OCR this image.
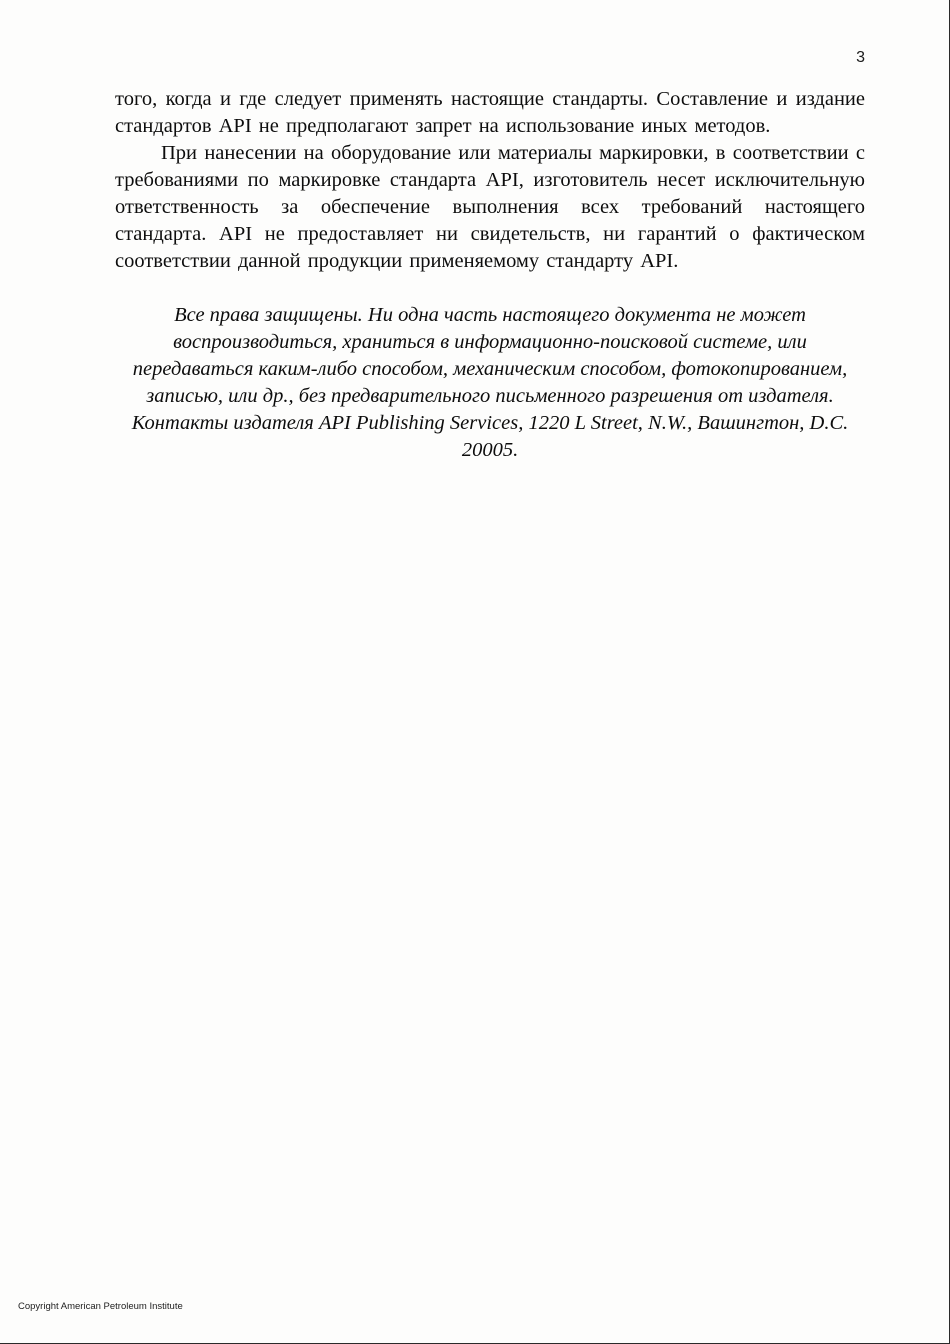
3

того, когда и где следует применять настоящие стандарты. Составление и издание стандартов API не предполагают запрет на использование иных методов.

При нанесении на оборудование или материалы маркировки, в соответствии с требованиями по маркировке стандарта API, изготовитель несет исключительную ответственность за обеспечение выполнения всех требований настоящего стандарта. API не предоставляет ни свидетельств, ни гарантий о фактическом соответствии данной продукции применяемому стандарту API.

Все права защищены. Ни одна часть настоящего документа не может воспроизводиться, храниться в информационно-поисковой системе, или передаваться каким-либо способом, механическим способом, фотокопированием, записью, или др., без предварительного письменного разрешения от издателя. Контакты издателя API Publishing Services, 1220 L Street, N.W., Вашингтон, D.C. 20005.

Copyright American Petroleum Institute
